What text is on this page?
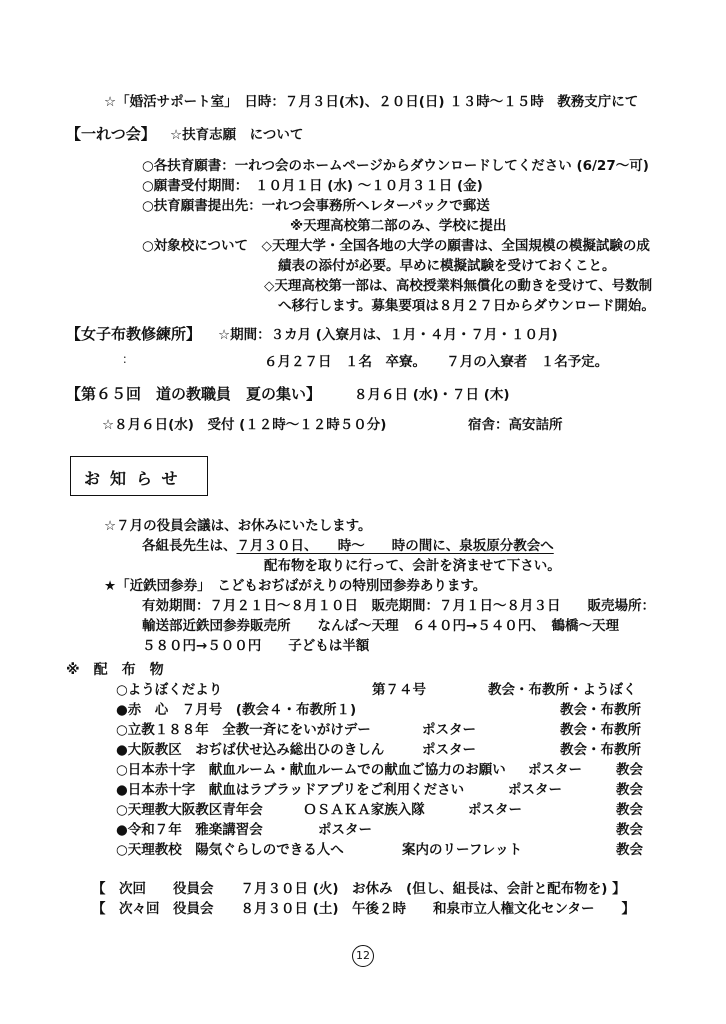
☆「婚活サポート室」　日時：７月３日(木)、２０日(日) １３時～１５時　教務支庁にて
【一れつ会】 ☆扶育志願　について
○各扶育願書：一れつ会のホームページからダウンロードしてください (6/27～可)
○願書受付期間：　１０月１日 (水) ～１０月３１日 (金)
○扶育願書提出先：一れつ会事務所へレターパックで郵送
※天理高校第二部のみ、学校に提出
○対象校について　◇天理大学・全国各地の大学の願書は、全国規模の模擬試験の成
績表の添付が必要。早めに模擬試験を受けておくこと。
◇天理高校第一部は、高校授業料無償化の動きを受けて、号数制
へ移行します。募集要項は８月２７日からダウンロード開始。
【女子布教修練所】 ☆期間：３カ月 (入寮月は、１月・４月・７月・１０月)
：	６月２７日　１名　卒寮。　　７月の入寮者　１名予定。
【第６５回　道の教職員　夏の集い】 ８月６日 (水)・７日 (木)
☆８月６日(水)　受付 (１２時～１２時５０分)	宿舎：高安詰所
お知らせ
☆７月の役員会議は、お休みにいたします。
各組長先生は、７月３０日、　　時～　　時の間に、泉坂原分教会へ
配布物を取りに行って、会計を済ませて下さい。
★「近鉄団参券」　こどもおぢばがえりの特別団参券あります。
有効期間：７月２１日～８月１０日　販売期間：７月１日～８月３日　　販売場所：
輸送部近鉄団参券販売所　　なんば～天理　６４０円→５４０円、　鶴橋～天理
５８０円→５００円　　子どもは半額
※　配　布　物
○ようぼくだより	第７４号	教会・布教所・ようぼく
●赤　心　７月号　(教会４・布教所１)	教会・布教所
○立教１８８年　全教一斉にをいがけデー	ポスター	教会・布教所
●大阪教区　おぢば伏せ込み総出ひのきしん	ポスター	教会・布教所
○日本赤十字　献血ルーム・献血ルームでの献血ご協力のお願い ポスター	教会
●日本赤十字　献血はラブラッドアプリをご利用ください	ポスター	教会
○天理教大阪教区青年会　　　ＯＳＡＫＡ家族入隊	ポスター	教会
●令和７年　雅楽講習会	ポスター	教会
○天理教校　陽気ぐらしのできる人へ	案内のリーフレット	教会
【　次回　　役員会　　７月３０日 (火)　お休み　(但し、組長は、会計と配布物を) 】
【　次々回　役員会　　８月３０日 (土)　午後２時　　和泉市立人権文化センター　　】
12
